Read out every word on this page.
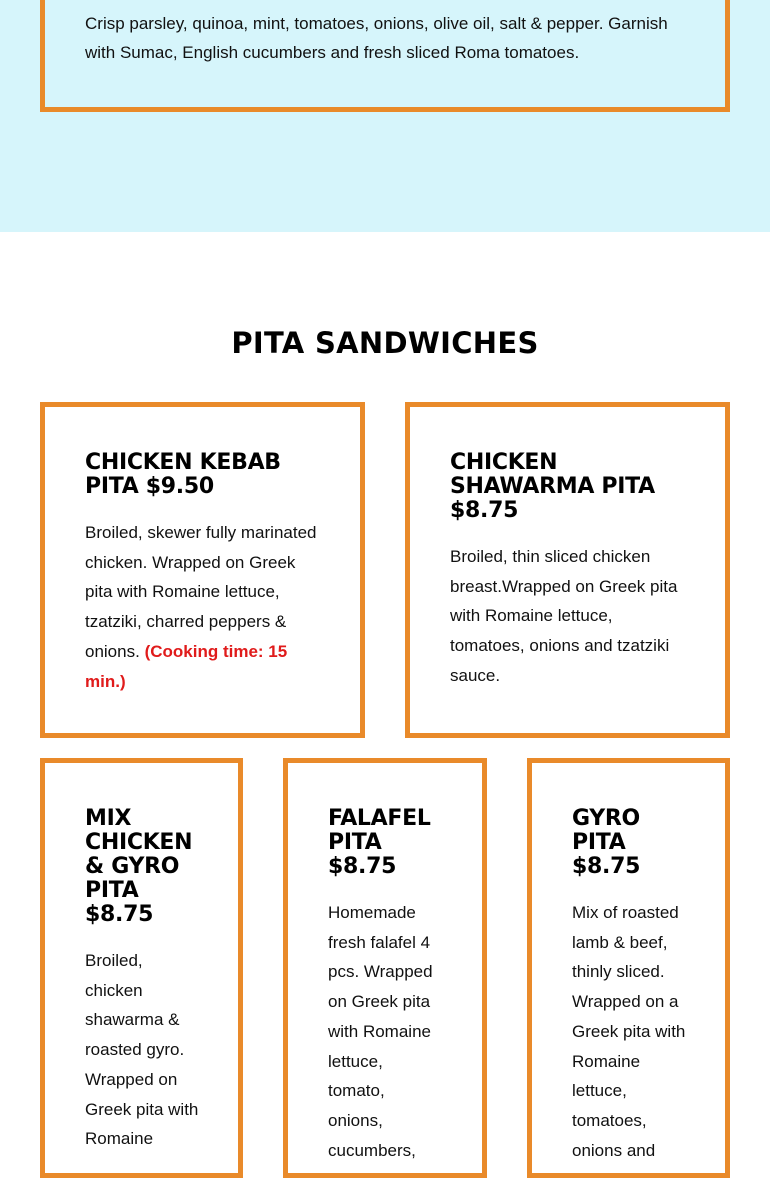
Crisp parsley, quinoa, mint, tomatoes, onions, olive oil, salt & pepper. Garnish with Sumac, English cucumbers and fresh sliced Roma tomatoes.
PITA SANDWICHES
CHICKEN KEBAB PITA $9.50
Broiled, skewer fully marinated chicken. Wrapped on Greek pita with Romaine lettuce, tzatziki, charred peppers & onions. (Cooking time: 15 min.)
CHICKEN SHAWARMA PITA $8.75
Broiled, thin sliced chicken breast.Wrapped on Greek pita with Romaine lettuce, tomatoes, onions and tzatziki sauce.
MIX CHICKEN & GYRO PITA $8.75
Broiled, chicken shawarma & roasted gyro. Wrapped on Greek pita with Romaine
FALAFEL PITA $8.75
Homemade fresh falafel 4 pcs. Wrapped on Greek pita with Romaine lettuce, tomato, onions, cucumbers,
GYRO PITA $8.75
Mix of roasted lamb & beef, thinly sliced. Wrapped on a Greek pita with Romaine lettuce, tomatoes, onions and
